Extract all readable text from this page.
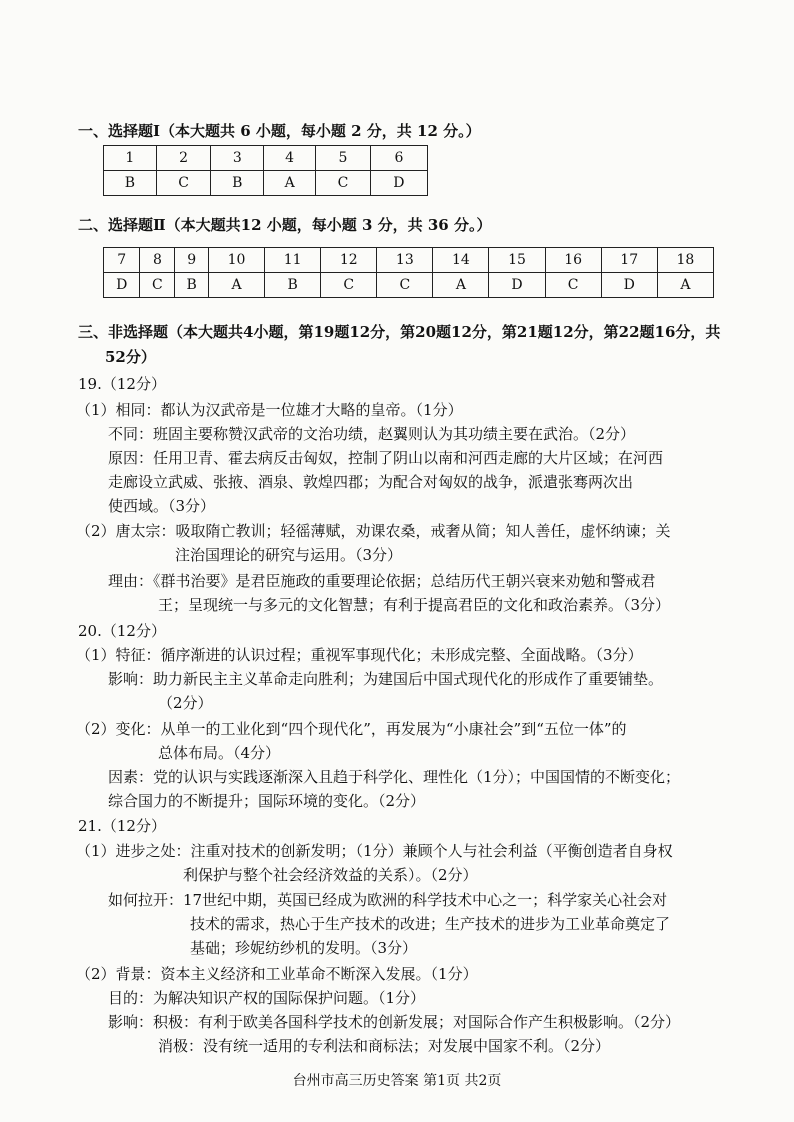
一、选择题Ⅰ（本大题共 6 小题，每小题 2 分，共 12 分。）
1	2	3	4	5	6
B	C	B	A	C	D
二、选择题Ⅱ（本大题共12 小题，每小题 3 分，共 36 分。）
7	8	9	10	11	12	13	14	15	16	17	18
D	C	B	A	B	C	C	A	D	C	D	A
三、非选择题（本大题共4小题，第19题12分，第20题12分，第21题12分，第22题16分，共
52分）
19.（12分）
（1）相同：都认为汉武帝是一位雄才大略的皇帝。（1分）
不同：班固主要称赞汉武帝的文治功绩，赵翼则认为其功绩主要在武治。（2分）
原因：任用卫青、霍去病反击匈奴，控制了阴山以南和河西走廊的大片区域；在河西
走廊设立武威、张掖、酒泉、敦煌四郡；为配合对匈奴的战争，派遣张骞两次出
使西域。（3分）
（2）唐太宗：吸取隋亡教训；轻徭薄赋，劝课农桑，戒奢从简；知人善任，虚怀纳谏；关
注治国理论的研究与运用。（3分）
理由：《群书治要》是君臣施政的重要理论依据；总结历代王朝兴衰来劝勉和警戒君
王；呈现统一与多元的文化智慧；有利于提高君臣的文化和政治素养。（3分）
20.（12分）
（1）特征：循序渐进的认识过程；重视军事现代化；未形成完整、全面战略。（3分）
影响：助力新民主主义革命走向胜利；为建国后中国式现代化的形成作了重要铺垫。
（2分）
（2）变化：从单一的工业化到“四个现代化”，再发展为“小康社会”到“五位一体”的
总体布局。（4分）
因素：党的认识与实践逐渐深入且趋于科学化、理性化（1分）；中国国情的不断变化；
综合国力的不断提升；国际环境的变化。（2分）
21.（12分）
（1）进步之处：注重对技术的创新发明；（1分）兼顾个人与社会利益（平衡创造者自身权
利保护与整个社会经济效益的关系）。（2分）
如何拉开：17世纪中期，英国已经成为欧洲的科学技术中心之一；科学家关心社会对
技术的需求，热心于生产技术的改进；生产技术的进步为工业革命奠定了
基础；珍妮纺纱机的发明。（3分）
（2）背景：资本主义经济和工业革命不断深入发展。（1分）
目的：为解决知识产权的国际保护问题。（1分）
影响：积极：有利于欧美各国科学技术的创新发展；对国际合作产生积极影响。（2分）
消极：没有统一适用的专利法和商标法；对发展中国家不利。（2分）
台州市高三历史答案 第1页 共2页
